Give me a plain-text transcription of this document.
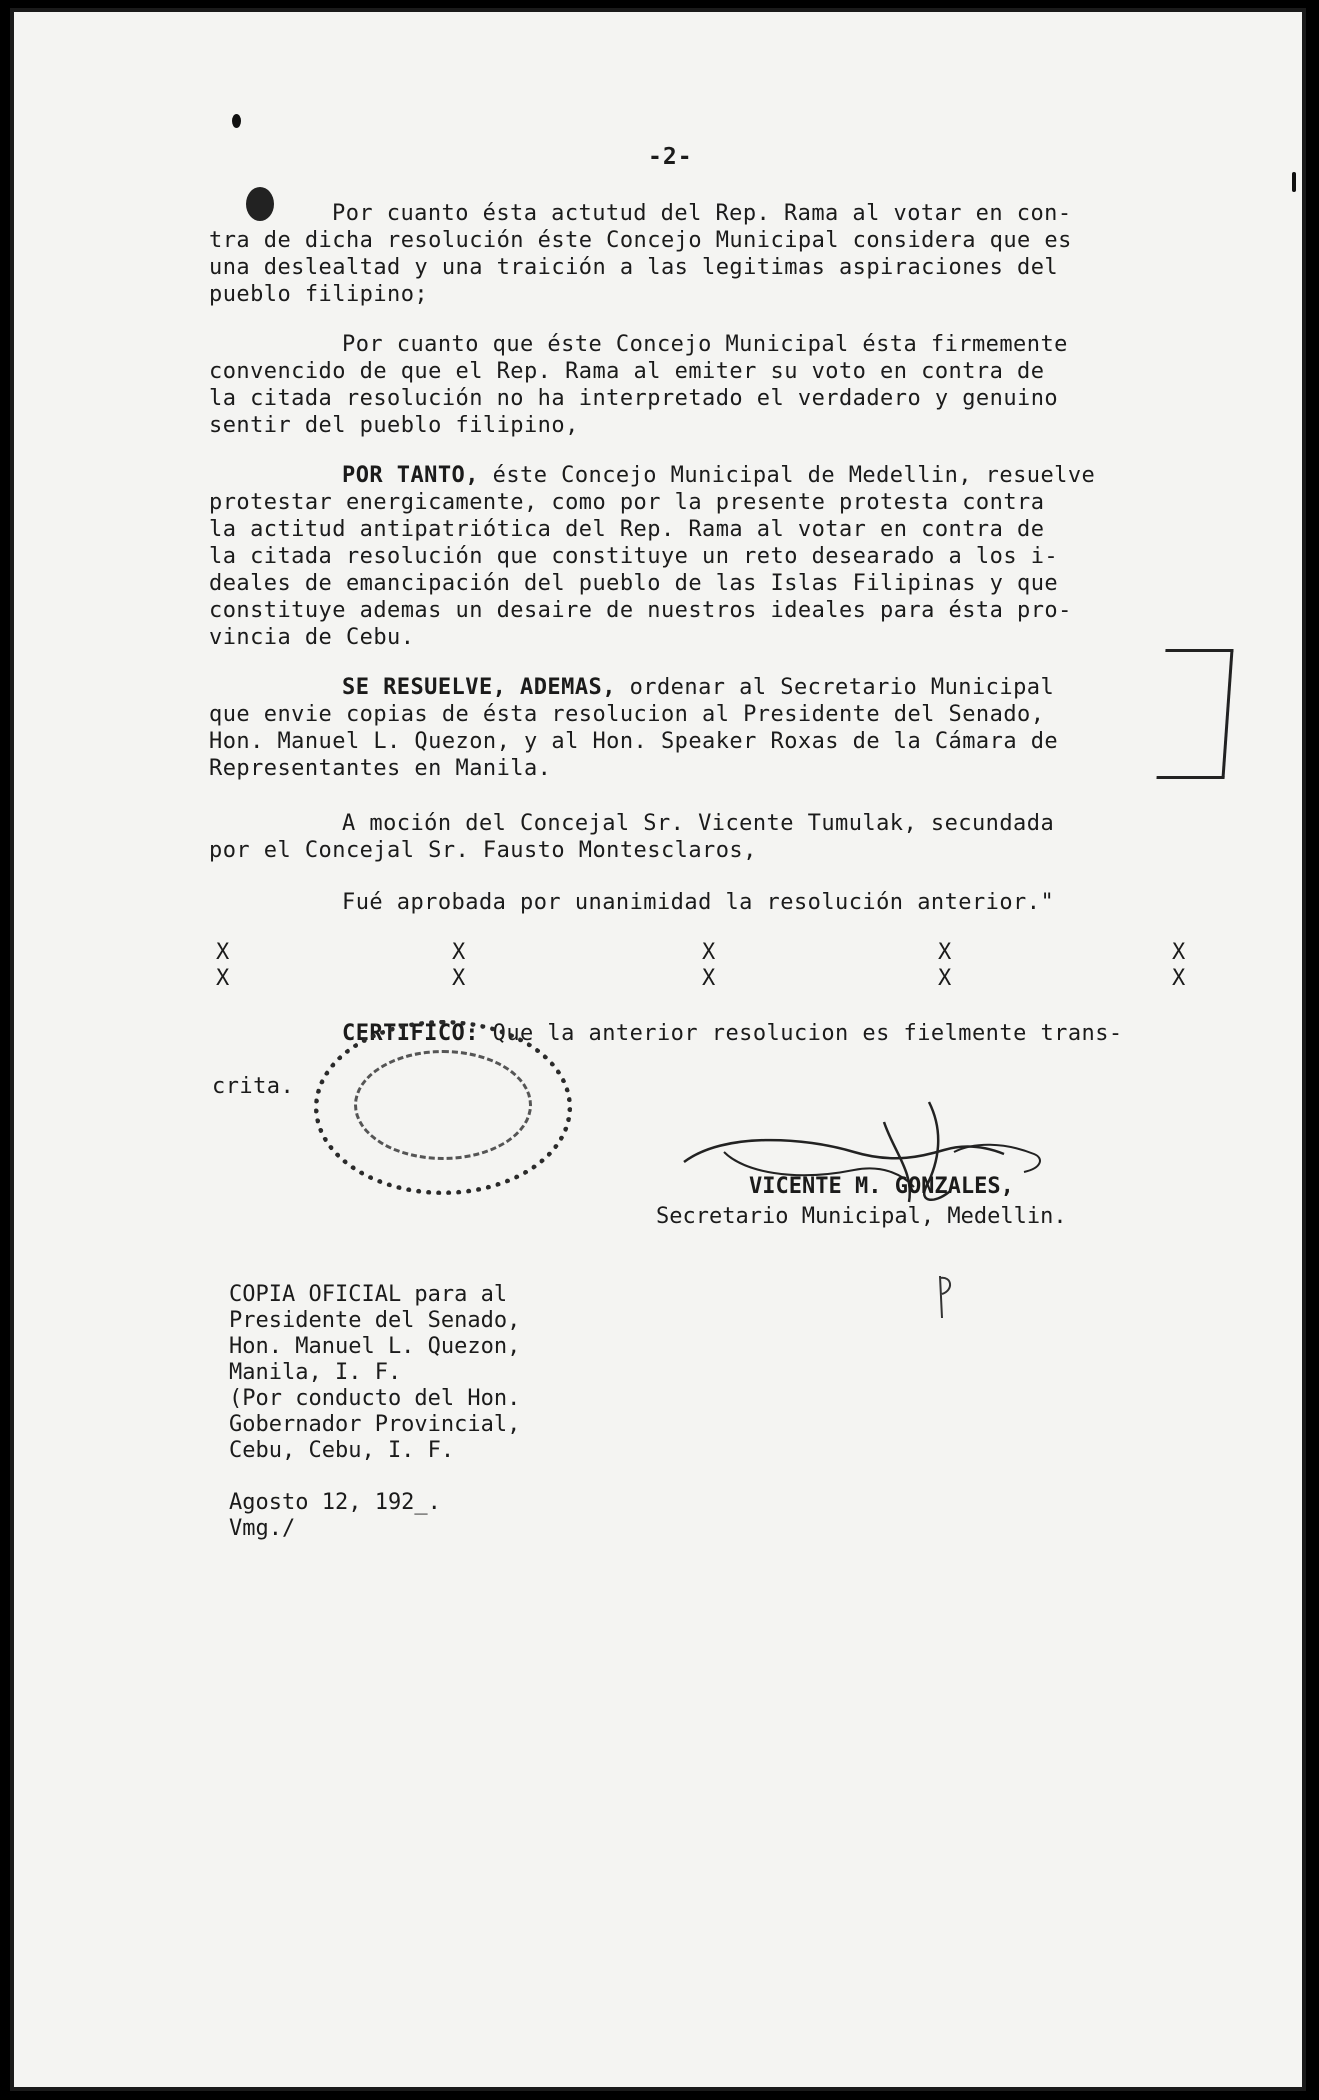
-2-
Por cuanto ésta actutud del Rep. Rama al votar en con-
tra de dicha resolución éste Concejo Municipal considera que es
una deslealtad y una traición a las legitimas aspiraciones del
pueblo filipino;
Por cuanto que éste Concejo Municipal ésta firmemente
convencido de que el Rep. Rama al emiter su voto en contra de
la citada resolución no ha interpretado el verdadero y genuino
sentir del pueblo filipino,
POR TANTO, éste Concejo Municipal de Medellin, resuelve
protestar energicamente, como por la presente protesta contra
la actitud antipatriótica del Rep. Rama al votar en contra de
la citada resolución que constituye un reto desearado a los i-
deales de emancipación del pueblo de las Islas Filipinas y que
constituye ademas un desaire de nuestros ideales para ésta pro-
vincia de Cebu.
SE RESUELVE, ADEMAS, ordenar al Secretario Municipal
que envie copias de ésta resolucion al Presidente del Senado,
Hon. Manuel L. Quezon, y al Hon. Speaker Roxas de la Cámara de
Representantes en Manila.
A moción del Concejal Sr. Vicente Tumulak, secundada
por el Concejal Sr. Fausto Montesclaros,
Fué aprobada por unanimidad la resolución anterior."
X	X	X	X	X
X	X	X	X	X
CERTIFICO: Que la anterior resolucion es fielmente trans-
crita.
VICENTE M. GONZALES,
Secretario Municipal, Medellin.
COPIA OFICIAL para al
Presidente del Senado,
Hon. Manuel L. Quezon,
Manila, I. F.
(Por conducto del Hon.
Gobernador Provincial,
Cebu, Cebu, I. F.
Agosto 12, 192_.
Vmg./
